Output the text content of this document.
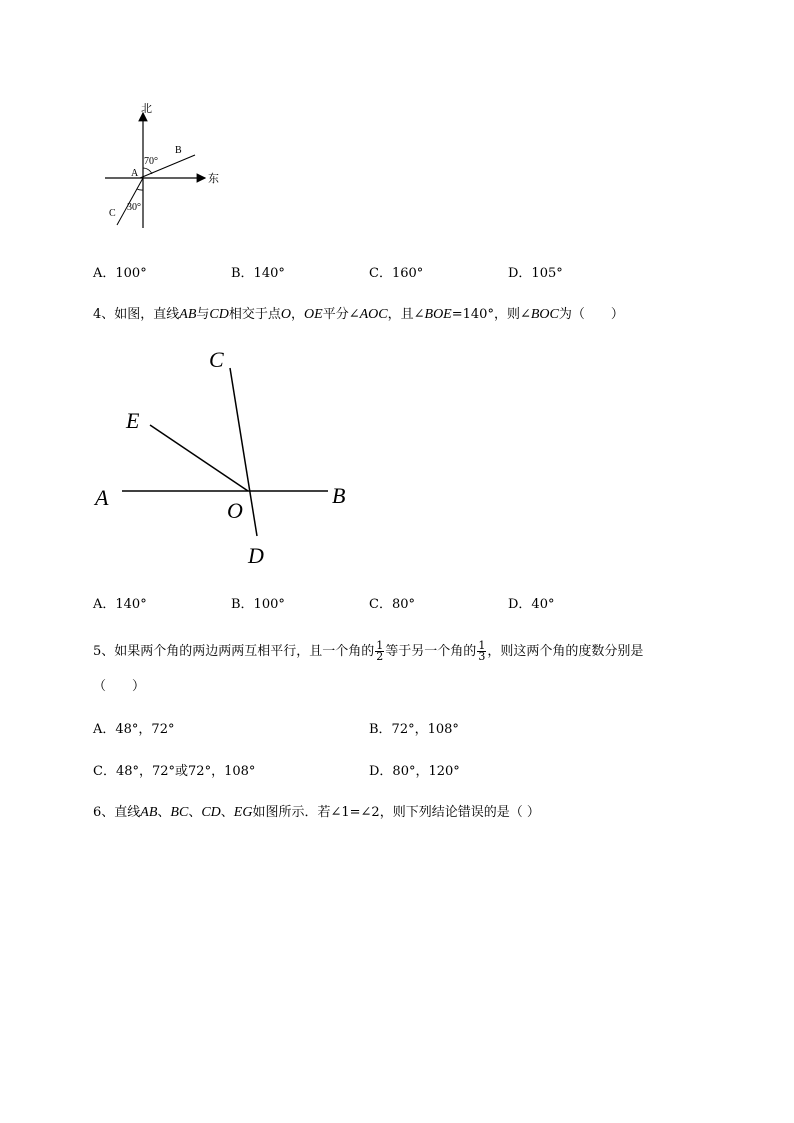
北
东
A
B
C
70°
30°
A．100°	B．140°	C．160°	D．105°
4、如图，直线AB与CD相交于点O，OE平分∠AOC，且∠BOE=140°，则∠BOC为（　　）
A	B
C
D
E
O
A．140°	B．100°	C．80°	D．40°
5、如果两个角的两边两两互相平行，且一个角的 $\frac{1}{2}$ 等于另一个角的 $\frac{1}{3}$ ，则这两个角的度数分别是
（　　）
A．48°，72°	B．72°，108°
C．48°，72°或72°，108°	D．80°，120°
6、直线AB、BC、CD、EG如图所示．若∠1=∠2，则下列结论错误的是（ ）
